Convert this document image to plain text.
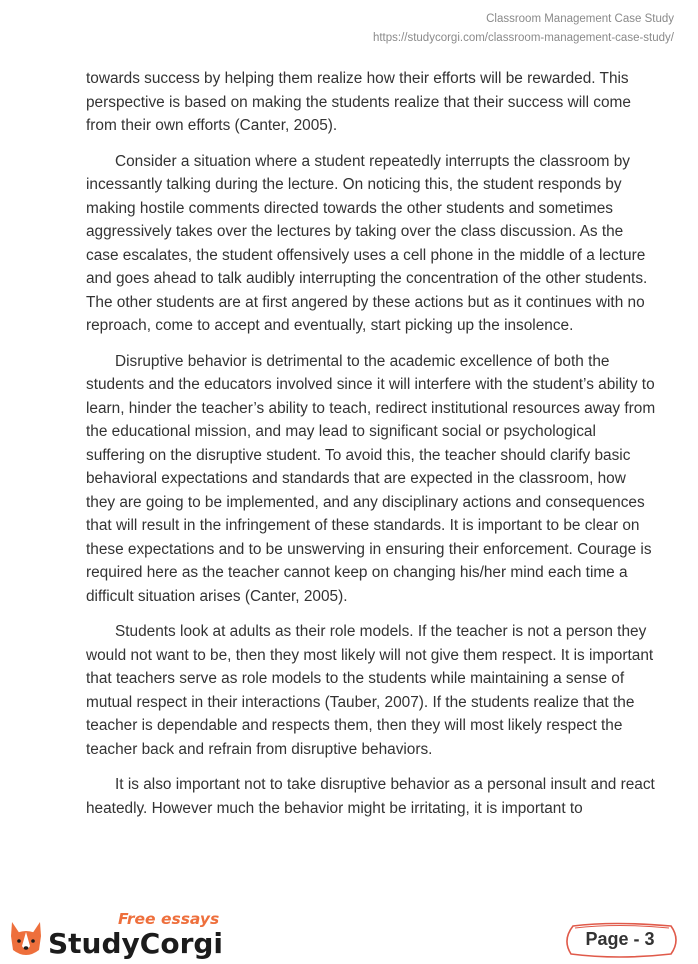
Classroom Management Case Study
https://studycorgi.com/classroom-management-case-study/

towards success by helping them realize how their efforts will be rewarded. This perspective is based on making the students realize that their success will come from their own efforts (Canter, 2005).

Consider a situation where a student repeatedly interrupts the classroom by incessantly talking during the lecture. On noticing this, the student responds by making hostile comments directed towards the other students and sometimes aggressively takes over the lectures by taking over the class discussion. As the case escalates, the student offensively uses a cell phone in the middle of a lecture and goes ahead to talk audibly interrupting the concentration of the other students. The other students are at first angered by these actions but as it continues with no reproach, come to accept and eventually, start picking up the insolence.

Disruptive behavior is detrimental to the academic excellence of both the students and the educators involved since it will interfere with the student’s ability to learn, hinder the teacher’s ability to teach, redirect institutional resources away from the educational mission, and may lead to significant social or psychological suffering on the disruptive student. To avoid this, the teacher should clarify basic behavioral expectations and standards that are expected in the classroom, how they are going to be implemented, and any disciplinary actions and consequences that will result in the infringement of these standards. It is important to be clear on these expectations and to be unswerving in ensuring their enforcement. Courage is required here as the teacher cannot keep on changing his/her mind each time a difficult situation arises (Canter, 2005).

Students look at adults as their role models. If the teacher is not a person they would not want to be, then they most likely will not give them respect. It is important that teachers serve as role models to the students while maintaining a sense of mutual respect in their interactions (Tauber, 2007). If the students realize that the teacher is dependable and respects them, then they will most likely respect the teacher back and refrain from disruptive behaviors.

It is also important not to take disruptive behavior as a personal insult and react heatedly. However much the behavior might be irritating, it is important to

Free essays
StudyCorgi	Page - 3
